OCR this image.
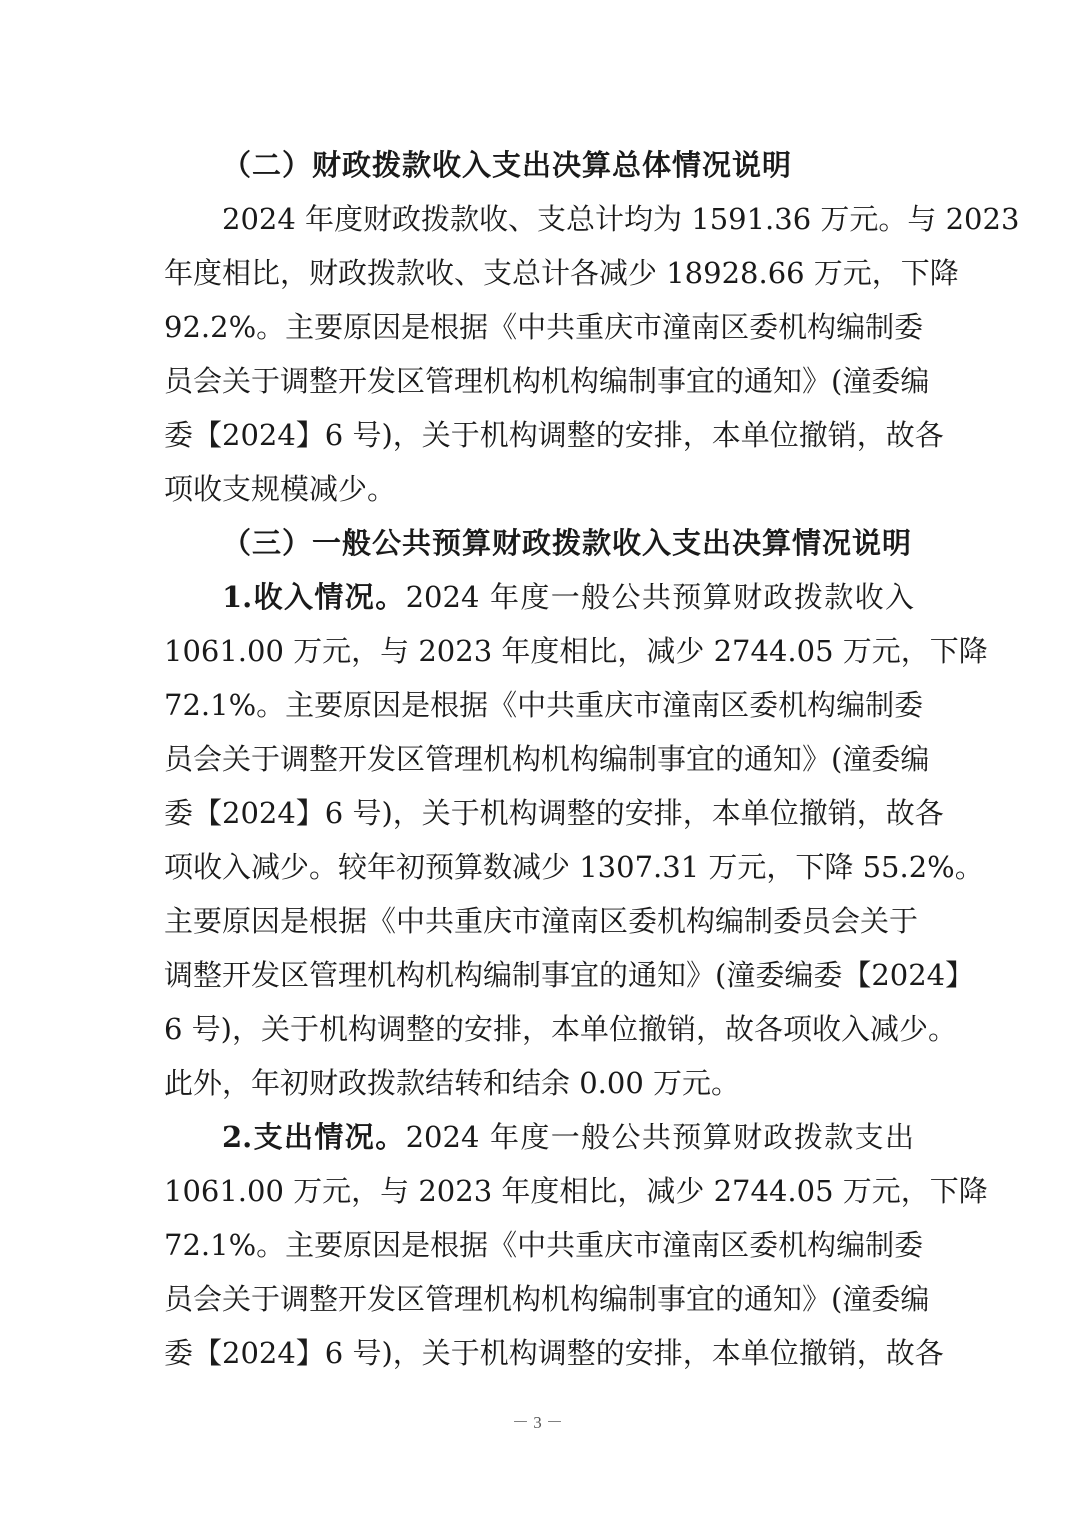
（二）财政拨款收入支出决算总体情况说明
2024 年度财政拨款收、支总计均为 1591.36 万元。与 2023
年度相比，财政拨款收、支总计各减少 18928.66 万元，下降
92.2%。主要原因是根据《中共重庆市潼南区委机构编制委
员会关于调整开发区管理机构机构编制事宜的通知》(潼委编
委【2024】6 号)，关于机构调整的安排，本单位撤销，故各
项收支规模减少。
（三）一般公共预算财政拨款收入支出决算情况说明
1.收入情况。2024 年度一般公共预算财政拨款收入
1061.00 万元，与 2023 年度相比，减少 2744.05 万元，下降
72.1%。主要原因是根据《中共重庆市潼南区委机构编制委
员会关于调整开发区管理机构机构编制事宜的通知》(潼委编
委【2024】6 号)，关于机构调整的安排，本单位撤销，故各
项收入减少。较年初预算数减少 1307.31 万元，下降 55.2%。
主要原因是根据《中共重庆市潼南区委机构编制委员会关于
调整开发区管理机构机构编制事宜的通知》(潼委编委【2024】
6 号)，关于机构调整的安排，本单位撤销，故各项收入减少。
此外，年初财政拨款结转和结余 0.00 万元。
2.支出情况。2024 年度一般公共预算财政拨款支出
1061.00 万元，与 2023 年度相比，减少 2744.05 万元，下降
72.1%。主要原因是根据《中共重庆市潼南区委机构编制委
员会关于调整开发区管理机构机构编制事宜的通知》(潼委编
委【2024】6 号)，关于机构调整的安排，本单位撤销，故各
－ 3 －
